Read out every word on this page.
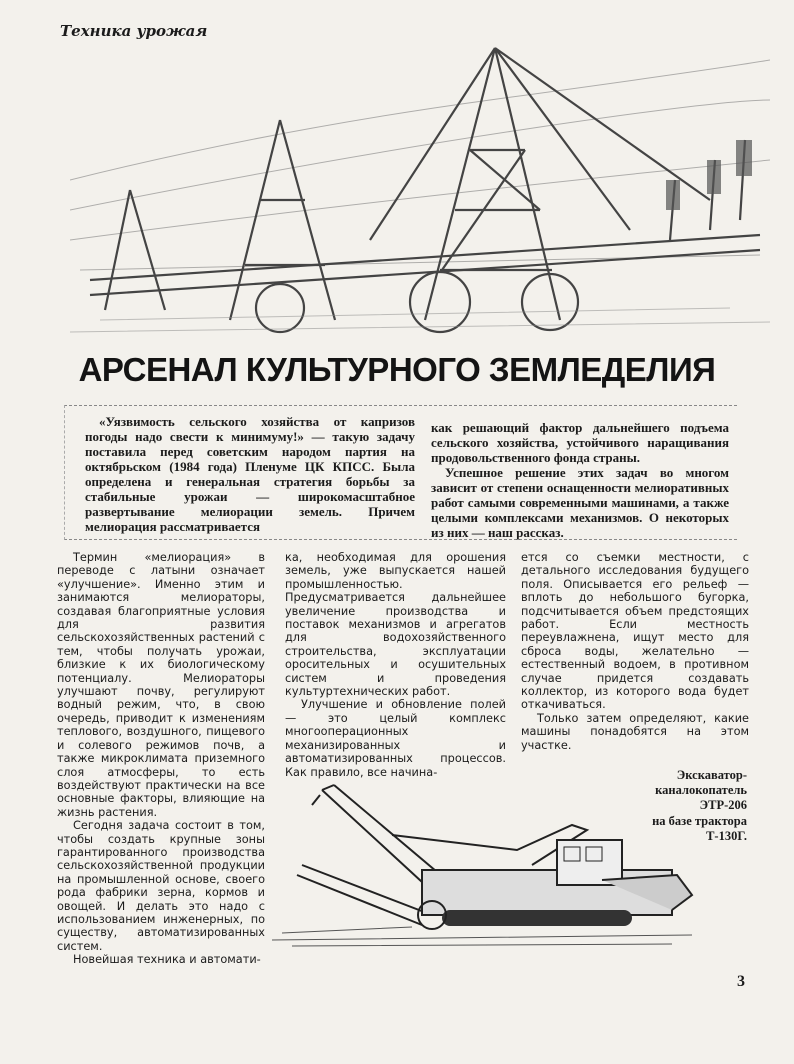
Техника урожая
АРСЕНАЛ КУЛЬТУРНОГО ЗЕМЛЕДЕЛИЯ

«Уязвимость сельского хозяйства от капризов погоды надо свести к минимуму!» — такую задачу поставила перед советским народом партия на октябрьском (1984 года) Пленуме ЦК КПСС. Была определена и генеральная стратегия борьбы за стабильные урожаи — широкомасштабное развертывание мелиорации земель. Причем мелиорация рассматривается

как решающий фактор дальнейшего подъема сельского хозяйства, устойчивого наращивания продовольственного фонда страны.

Успешное решение этих задач во многом зависит от степени оснащенности мелиоративных работ самыми современными машинами, а также целыми комплексами механизмов. О некоторых из них — наш рассказ.

Термин «мелиорация» в переводе с латыни означает «улучшение». Именно этим и занимаются мелиораторы, создавая благоприятные условия для развития сельскохозяйственных растений с тем, чтобы получать урожаи, близкие к их биологическому потенциалу. Мелиораторы улучшают почву, регулируют водный режим, что, в свою очередь, приводит к изменениям теплового, воздушного, пищевого и солевого режимов почв, а также микроклимата приземного слоя атмосферы, то есть воздействуют практически на все основные факторы, влияющие на жизнь растения.

Сегодня задача состоит в том, чтобы создать крупные зоны гарантированного производства сельскохозяйственной продукции на промышленной основе, своего рода фабрики зерна, кормов и овощей. И делать это надо с использованием инженерных, по существу, автоматизированных систем.

Новейшая техника и автомати-

ка, необходимая для орошения земель, уже выпускается нашей промышленностью. Предусматривается дальнейшее увеличение производства и поставок механизмов и агрегатов для водохозяйственного строительства, эксплуатации оросительных и осушительных систем и проведения культуртехнических работ.

Улучшение и обновление полей — это целый комплекс многооперационных механизированных и автоматизированных процессов. Как правило, все начина-

ется со съемки местности, с детального исследования будущего поля. Описывается его рельеф — вплоть до небольшого бугорка, подсчитывается объем предстоящих работ. Если местность переувлажнена, ищут место для сброса воды, желательно — естественный водоем, в противном случае придется создавать коллектор, из которого вода будет откачиваться.

Только затем определяют, какие машины понадобятся на этом участке.

Экскаватор-
каналокопатель
ЭТР-206
на базе трактора
Т-130Г.
3
